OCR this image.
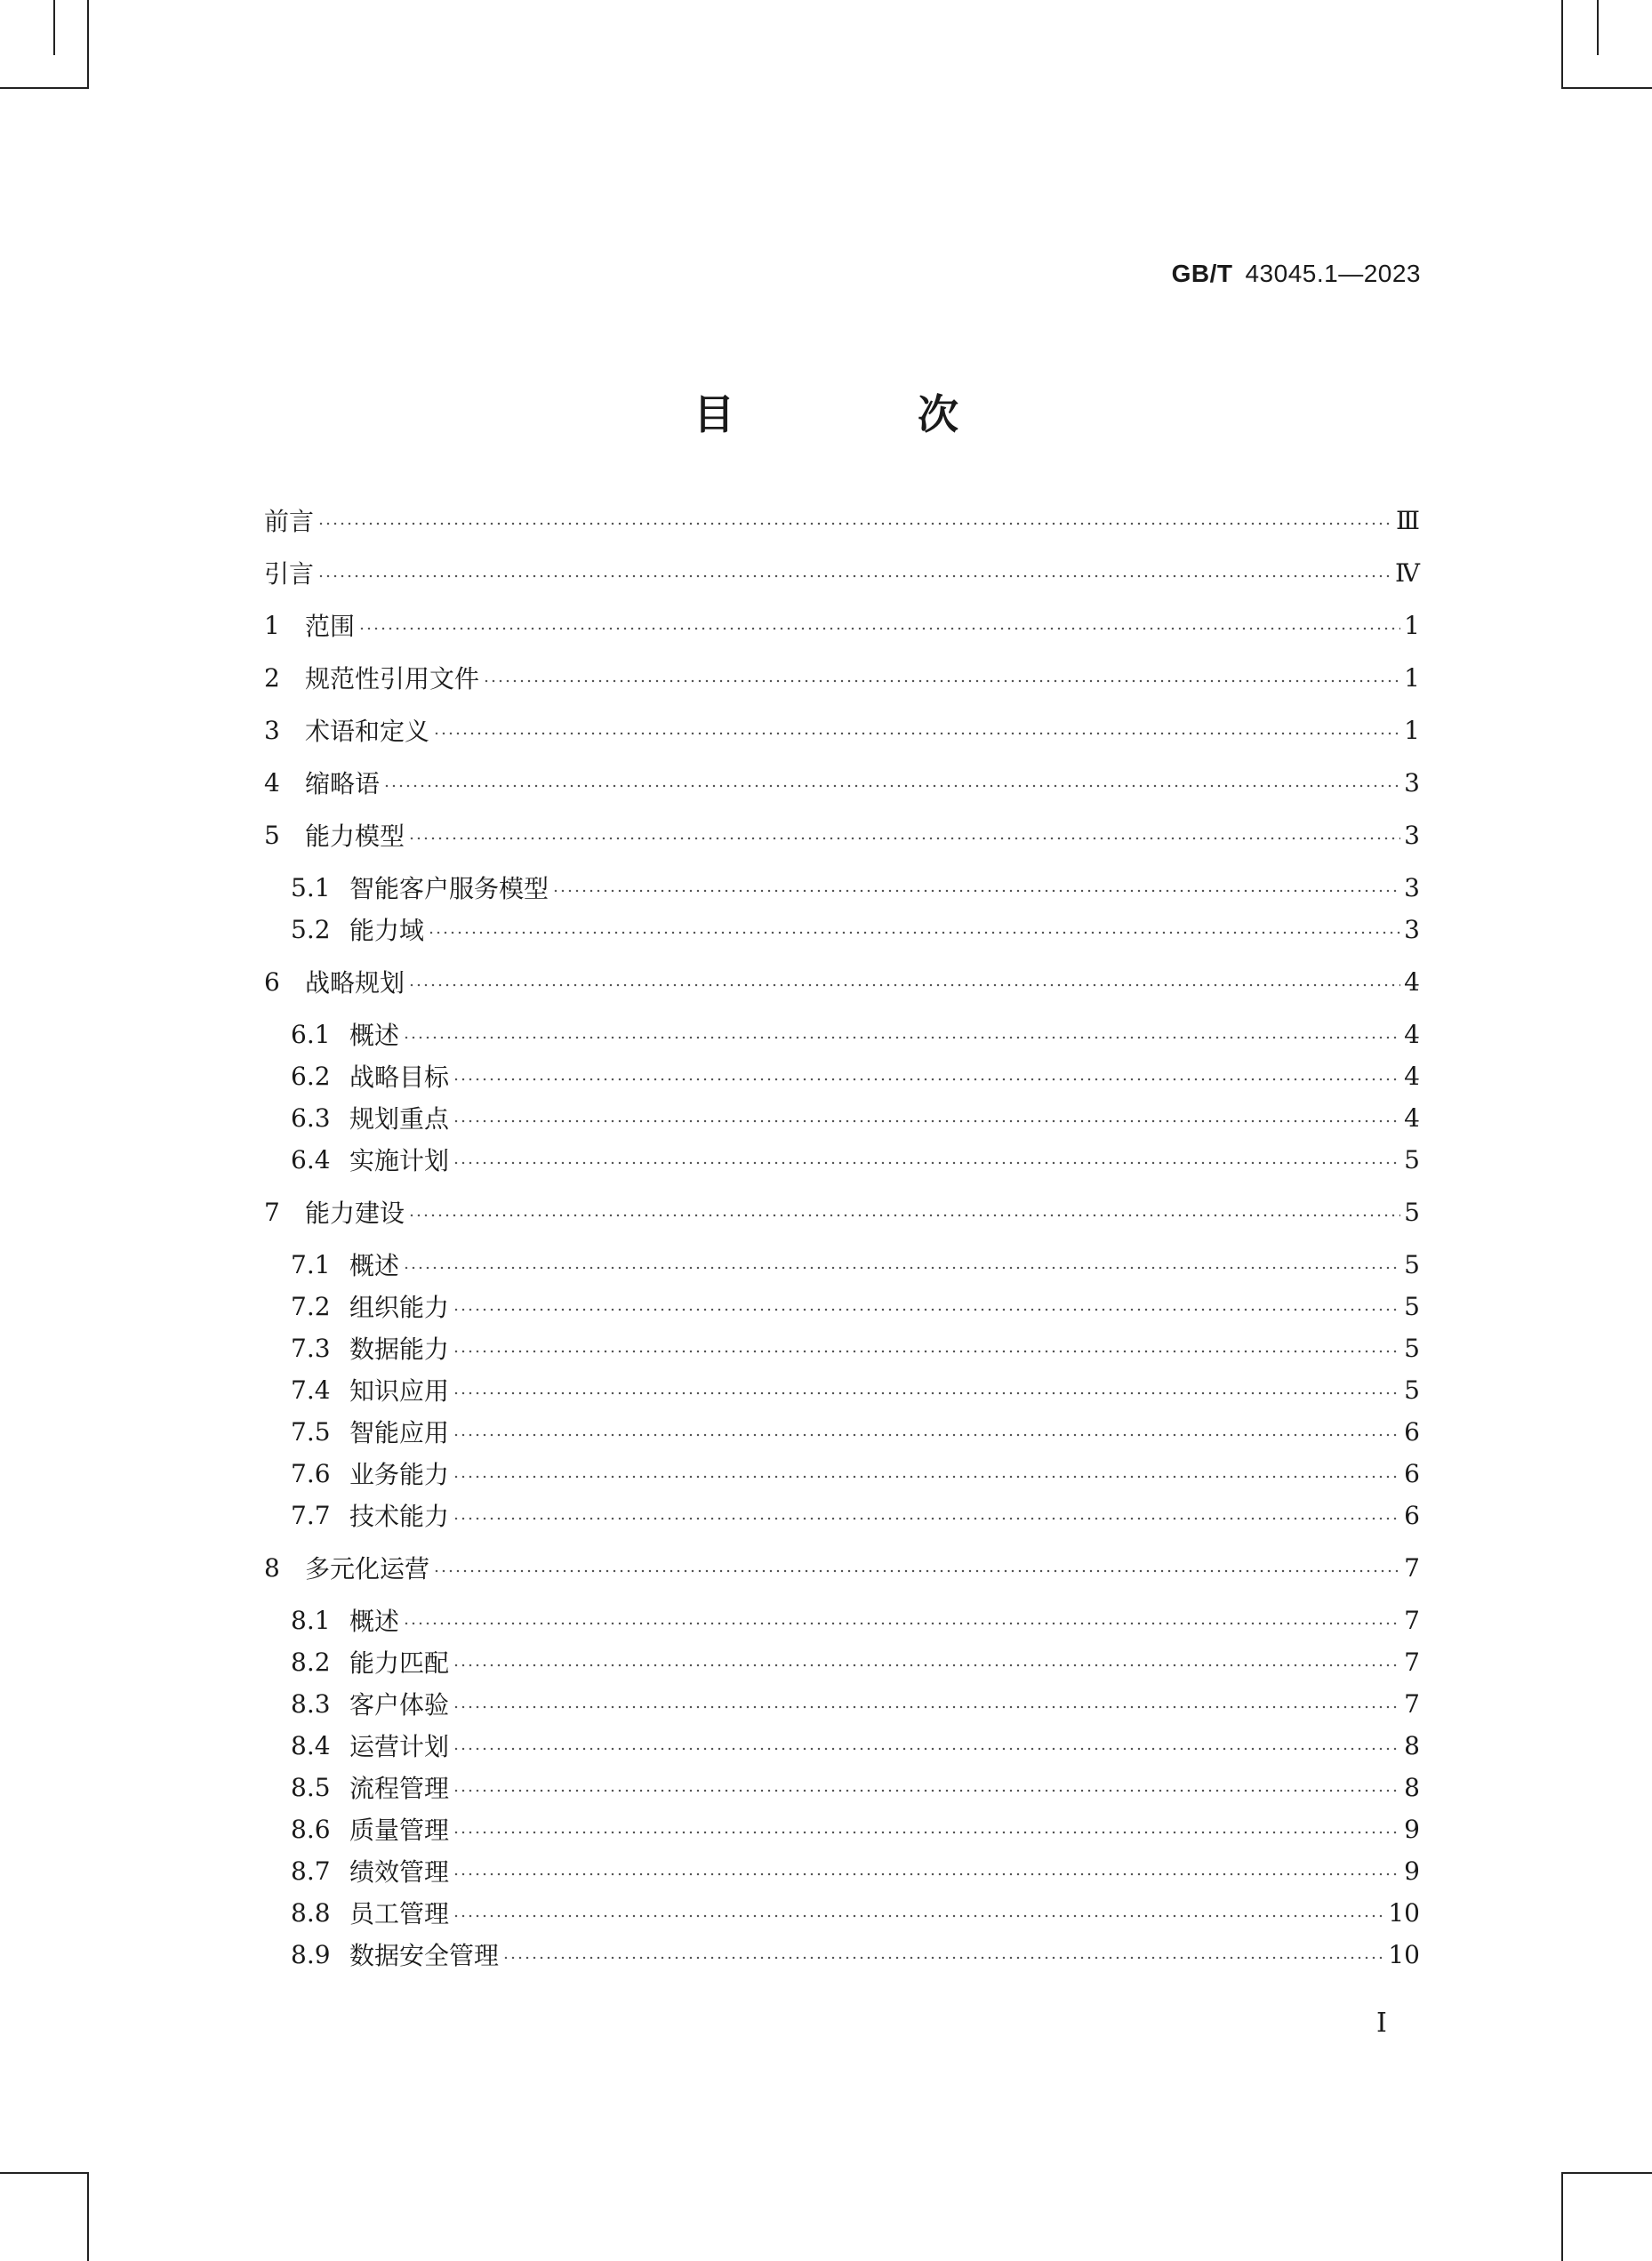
GB/T 43045.1—2023
目　次
前言	Ⅲ
引言	Ⅳ
1	范围	1
2	规范性引用文件	1
3	术语和定义	1
4	缩略语	3
5	能力模型	3
5.1 智能客户服务模型	3
5.2 能力域	3
6	战略规划	4
6.1 概述	4
6.2 战略目标	4
6.3 规划重点	4
6.4 实施计划	5
7	能力建设	5
7.1 概述	5
7.2 组织能力	5
7.3 数据能力	5
7.4 知识应用	5
7.5 智能应用	6
7.6 业务能力	6
7.7 技术能力	6
8	多元化运营	7
8.1 概述	7
8.2 能力匹配	7
8.3 客户体验	7
8.4 运营计划	8
8.5 流程管理	8
8.6 质量管理	9
8.7 绩效管理	9
8.8 员工管理	10
8.9 数据安全管理	10
Ⅰ
